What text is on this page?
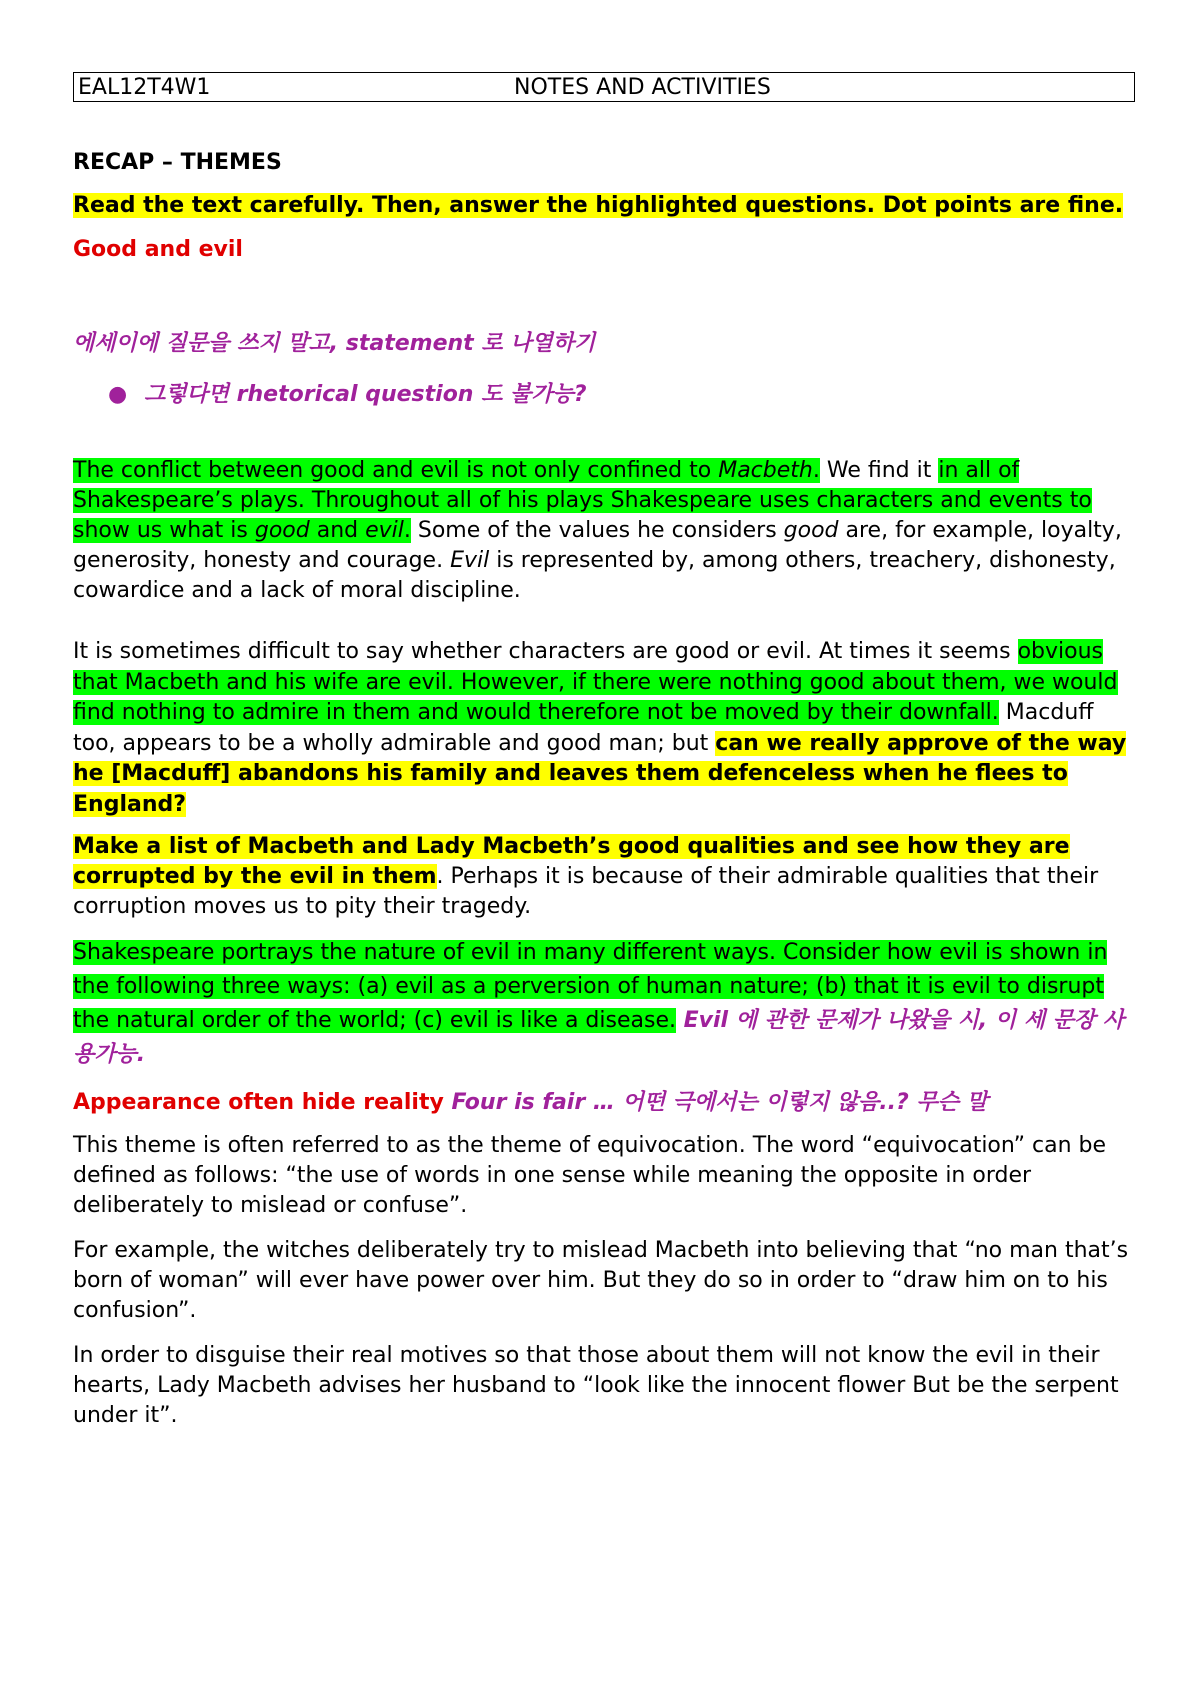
EAL12T4W1	NOTES AND ACTIVITIES

RECAP – THEMES

Read the text carefully. Then, answer the highlighted questions. Dot points are fine.

Good and evil

에세이에 질문을 쓰지 말고, statement 로 나열하기

● 그렇다면 rhetorical question 도 불가능?

The conflict between good and evil is not only confined to Macbeth. We find it in all of Shakespeare’s plays. Throughout all of his plays Shakespeare uses characters and events to show us what is good and evil. Some of the values he considers good are, for example, loyalty, generosity, honesty and courage. Evil is represented by, among others, treachery, dishonesty, cowardice and a lack of moral discipline.

It is sometimes difficult to say whether characters are good or evil. At times it seems obvious that Macbeth and his wife are evil. However, if there were nothing good about them, we would find nothing to admire in them and would therefore not be moved by their downfall. Macduff too, appears to be a wholly admirable and good man; but can we really approve of the way he [Macduff] abandons his family and leaves them defenceless when he flees to England?

Make a list of Macbeth and Lady Macbeth’s good qualities and see how they are corrupted by the evil in them. Perhaps it is because of their admirable qualities that their corruption moves us to pity their tragedy.

Shakespeare portrays the nature of evil in many different ways. Consider how evil is shown in the following three ways: (a) evil as a perversion of human nature; (b) that it is evil to disrupt the natural order of the world; (c) evil is like a disease. Evil 에 관한 문제가 나왔을 시, 이 세 문장 사용가능.

Appearance often hide reality Four is fair … 어떤 극에서는 이렇지 않음..? 무슨 말

This theme is often referred to as the theme of equivocation. The word “equivocation” can be defined as follows: “the use of words in one sense while meaning the opposite in order deliberately to mislead or confuse”.

For example, the witches deliberately try to mislead Macbeth into believing that “no man that’s born of woman” will ever have power over him. But they do so in order to “draw him on to his confusion”.

In order to disguise their real motives so that those about them will not know the evil in their hearts, Lady Macbeth advises her husband to “look like the innocent flower But be the serpent under it”.
